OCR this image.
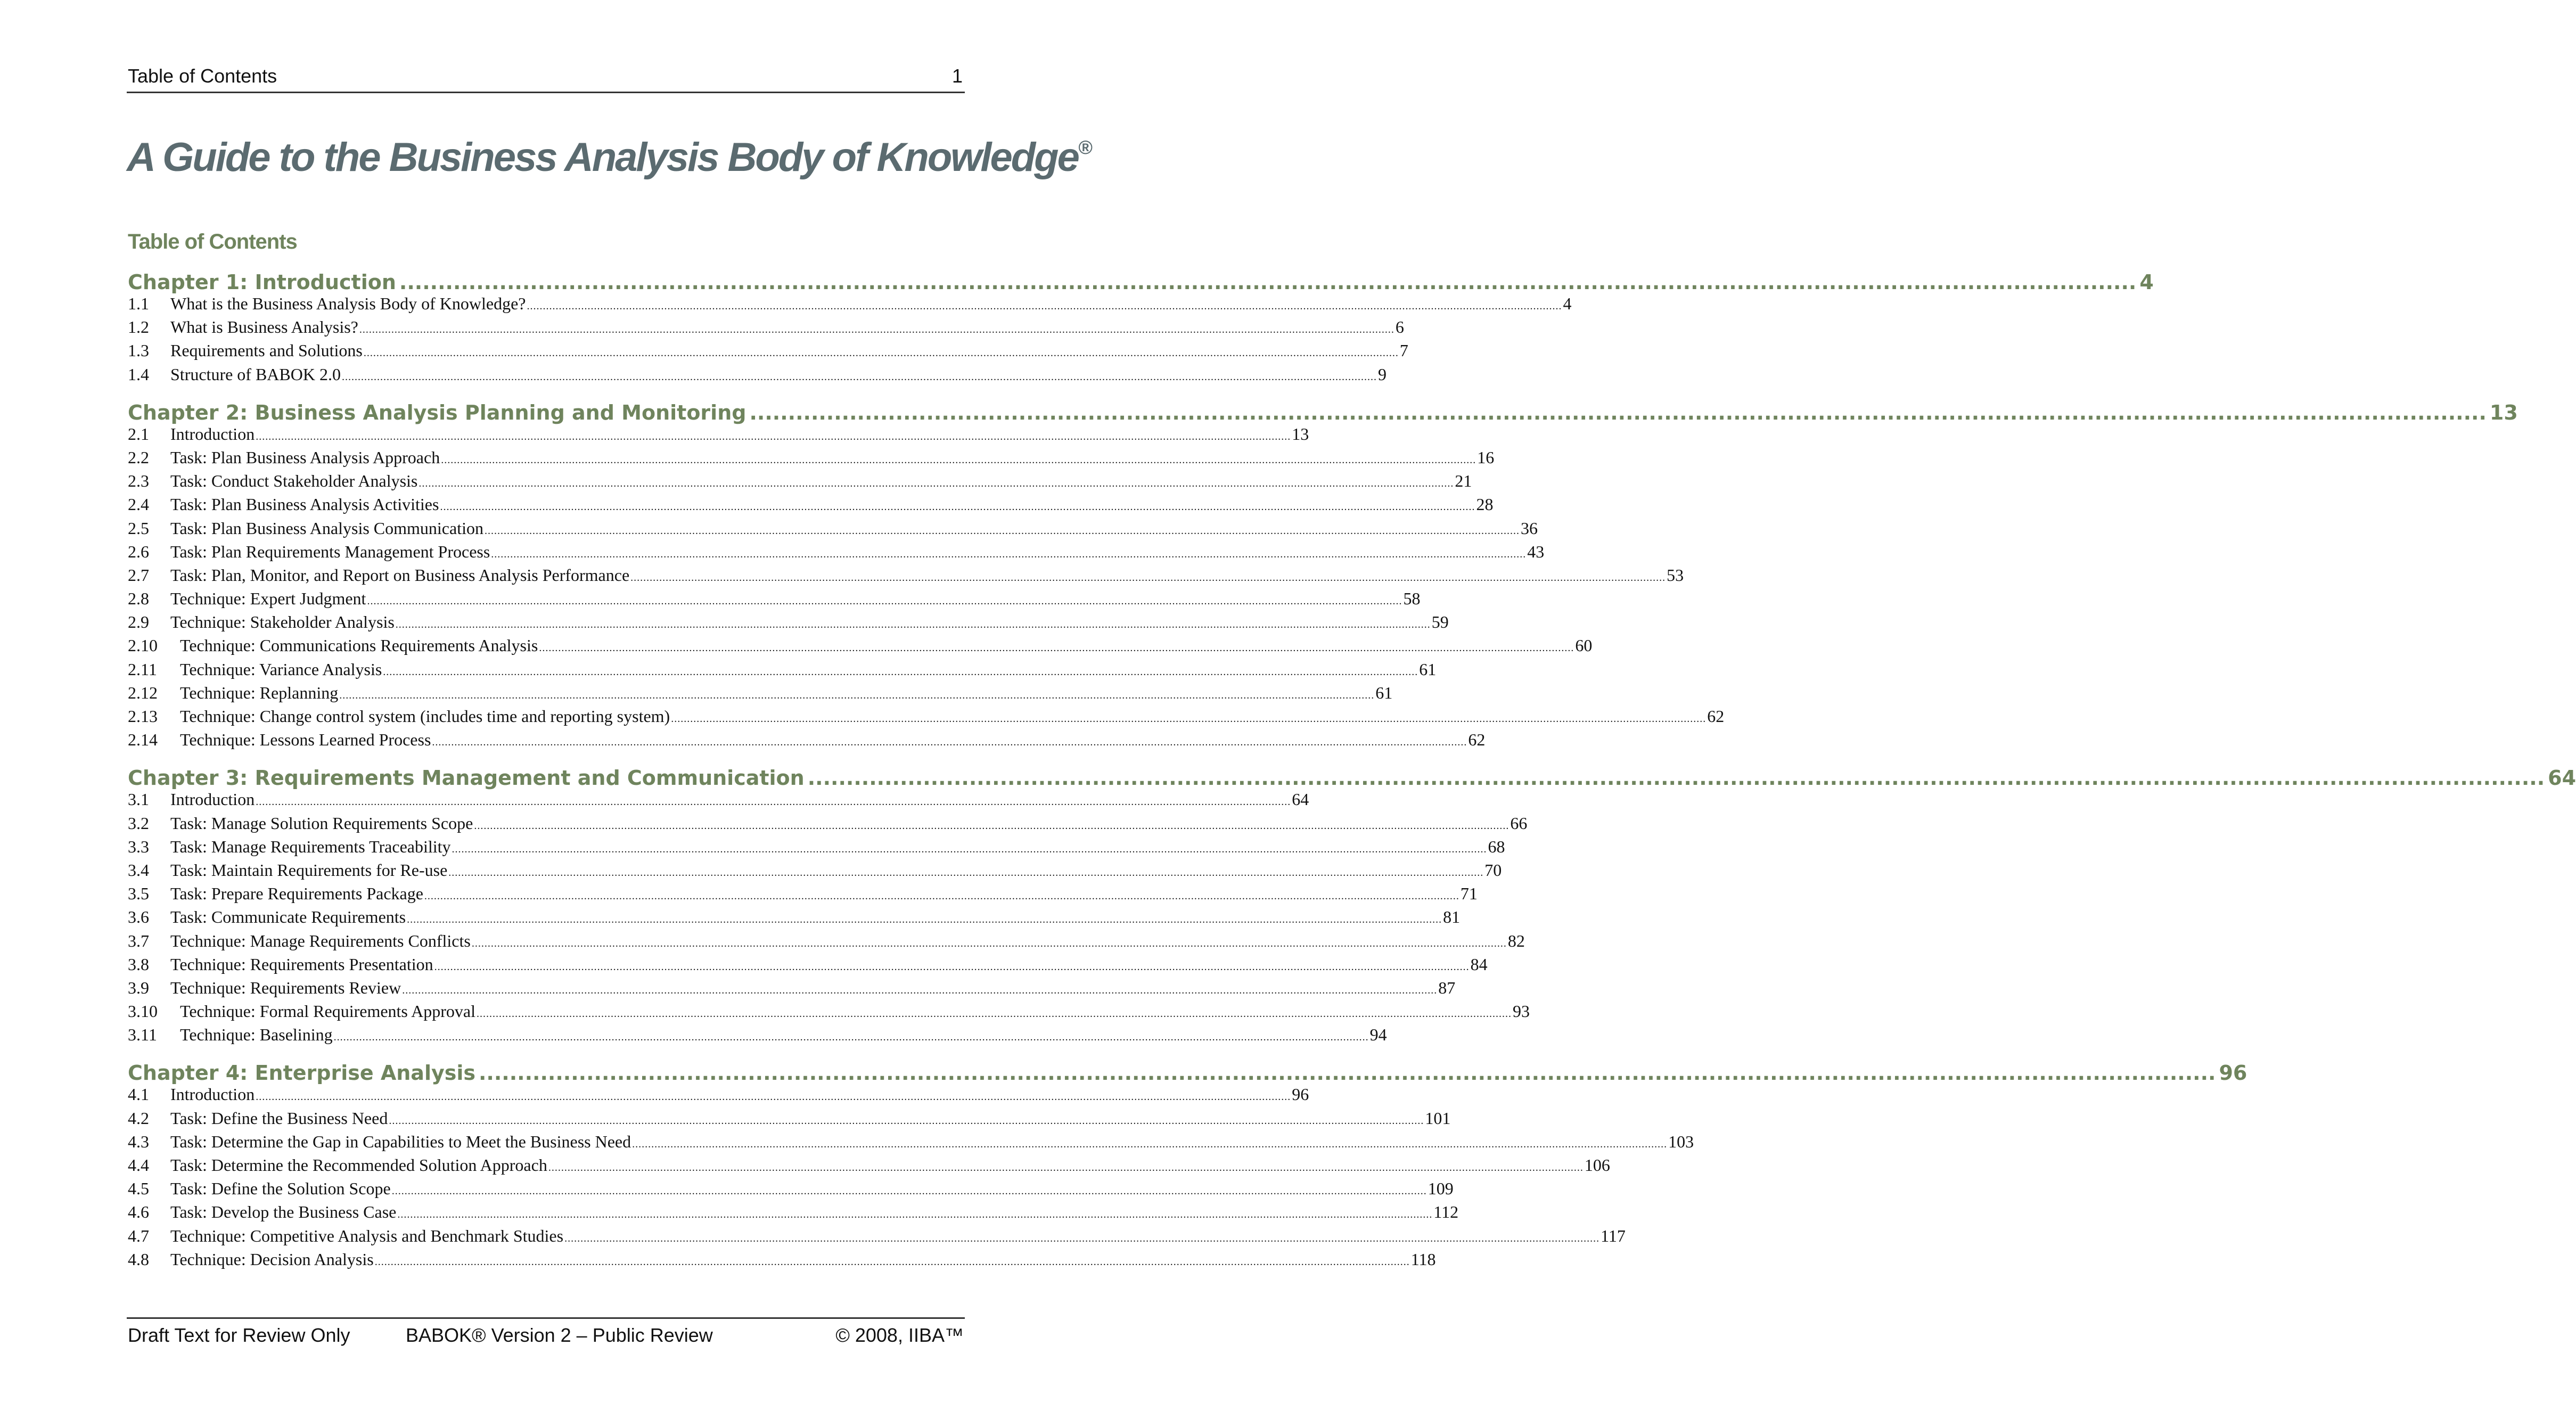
Table of Contents	1
A Guide to the Business Analysis Body of Knowledge®
Table of Contents
Chapter 1: Introduction .....	4
1.1	What is the Business Analysis Body of Knowledge? .....	4
1.2	What is Business Analysis? .....	6
1.3	Requirements and Solutions .....	7
1.4	Structure of BABOK 2.0 .....	9
Chapter 2: Business Analysis Planning and Monitoring .....	13
2.1	Introduction .....	13
2.2	Task: Plan Business Analysis Approach .....	16
2.3	Task: Conduct Stakeholder Analysis .....	21
2.4	Task: Plan Business Analysis Activities .....	28
2.5	Task: Plan Business Analysis Communication .....	36
2.6	Task: Plan Requirements Management Process .....	43
2.7	Task: Plan, Monitor, and Report on Business Analysis Performance .....	53
2.8	Technique: Expert Judgment .....	58
2.9	Technique: Stakeholder Analysis .....	59
2.10	Technique: Communications Requirements Analysis .....	60
2.11	Technique: Variance Analysis .....	61
2.12	Technique: Replanning .....	61
2.13	Technique: Change control system (includes time and reporting system) .....	62
2.14	Technique: Lessons Learned Process .....	62
Chapter 3: Requirements Management and Communication .....	64
3.1	Introduction .....	64
3.2	Task: Manage Solution Requirements Scope .....	66
3.3	Task: Manage Requirements Traceability .....	68
3.4	Task: Maintain Requirements for Re-use .....	70
3.5	Task: Prepare Requirements Package .....	71
3.6	Task: Communicate Requirements .....	81
3.7	Technique: Manage Requirements Conflicts .....	82
3.8	Technique: Requirements Presentation .....	84
3.9	Technique: Requirements Review .....	87
3.10	Technique: Formal Requirements Approval .....	93
3.11	Technique: Baselining .....	94
Chapter 4: Enterprise Analysis .....	96
4.1	Introduction .....	96
4.2	Task: Define the Business Need .....	101
4.3	Task: Determine the Gap in Capabilities to Meet the Business Need .....	103
4.4	Task: Determine the Recommended Solution Approach .....	106
4.5	Task: Define the Solution Scope .....	109
4.6	Task: Develop the Business Case .....	112
4.7	Technique: Competitive Analysis and Benchmark Studies .....	117
4.8	Technique: Decision Analysis .....	118
Draft Text for Review Only	BABOK® Version 2 – Public Review	© 2008, IIBA™
